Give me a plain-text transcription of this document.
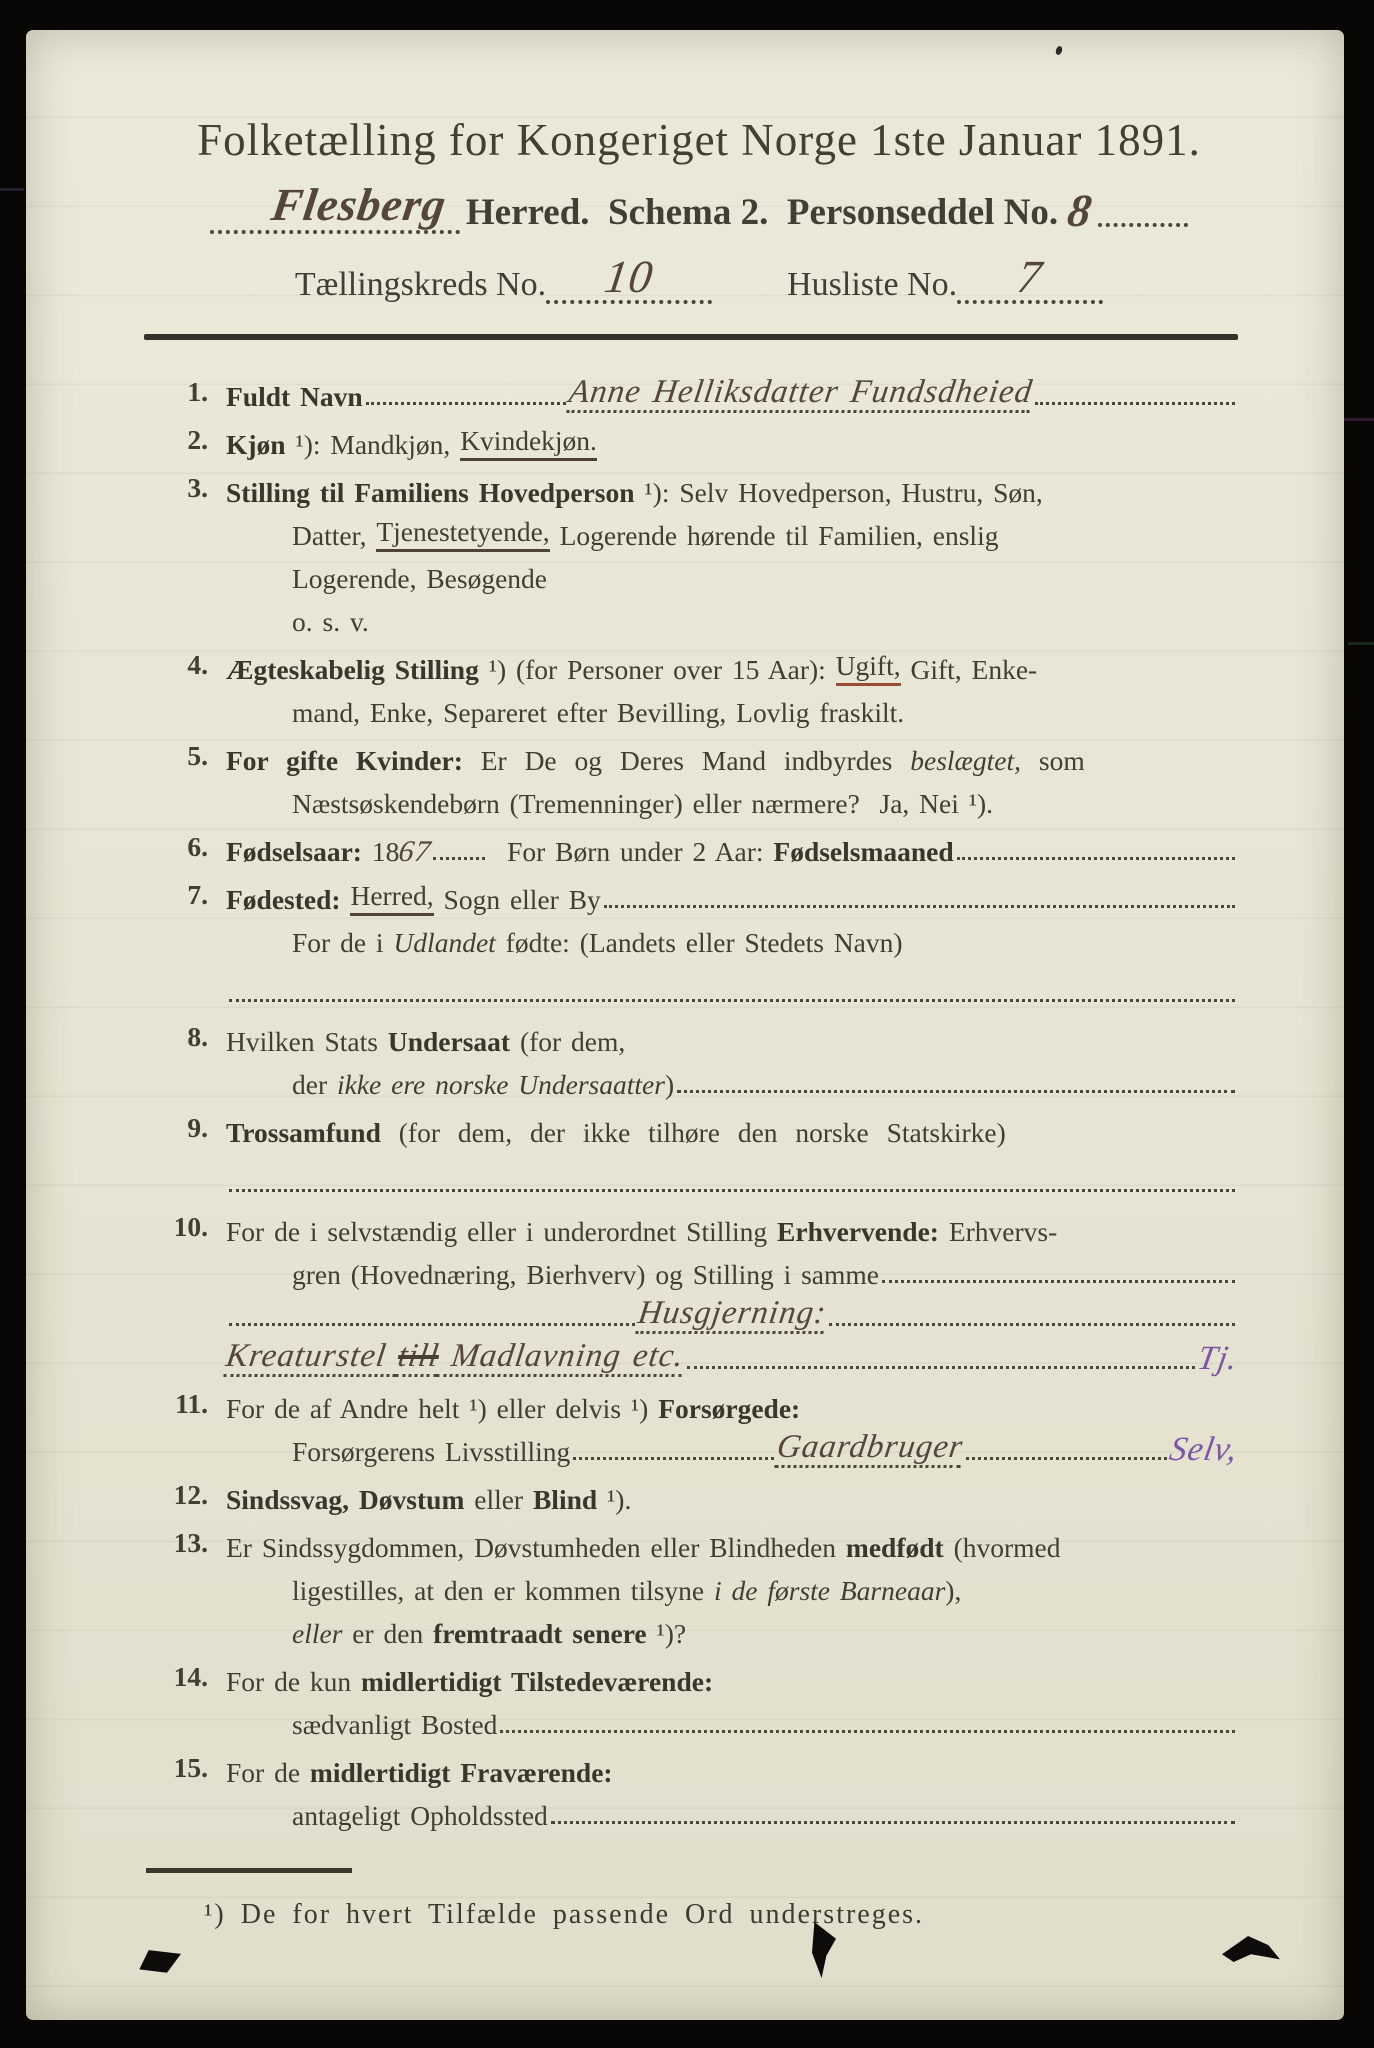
Folketælling for Kongeriget Norge 1ste Januar 1891.
Flesberg Herred.  Schema 2.  Personseddel No. 8
Tællingskreds No. 10	Husliste No. 7
1. Fuldt Navn	Anne Helliksdatter Fundsdheied
2. Kjøn ¹): Mandkjøn, Kvindekjøn.
3. Stilling til Familiens Hovedperson ¹): Selv Hovedperson, Hustru, Søn,
Datter, Tjenestetyende, Logerende hørende til Familien, enslig
Logerende, Besøgende
o. s. v.
4. Ægteskabelig Stilling ¹) (for Personer over 15 Aar): Ugift, Gift, Enke-
mand, Enke, Separeret efter Bevilling, Lovlig fraskilt.
5. For gifte Kvinder: Er De og Deres Mand indbyrdes beslægtet, som
Næstsøskendebørn (Tremenninger) eller nærmere?  Ja, Nei ¹).
6. Fødselsaar: 18
67 For Børn under 2 Aar: Fødselsmaaned
7. Fødested:
Herred, Sogn eller By
For de i Udlandet fødte: (Landets eller Stedets Navn)
8. Hvilken Stats Undersaat (for dem,
der ikke ere norske Undersaatter )
9. Trossamfund (for dem, der ikke tilhøre den norske Statskirke)
10. For de i selvstændig eller i underordnet Stilling Erhvervende: Erhvervs-
gren (Hovednæring, Bierhverv) og Stilling i samme
Husgjerning:
Kreaturstel
till
Madlavning etc.	Tj.
11. For de af Andre helt ¹) eller delvis ¹) Forsørgede:
Forsørgerens Livsstilling	Gaardbruger	Selv,
12. Sindssvag, Døvstum eller Blind ¹).
13. Er Sindssygdommen, Døvstumheden eller Blindheden medfødt (hvormed
ligestilles, at den er kommen tilsyne i de første Barneaar ),
eller er den fremtraadt senere ¹)?
14. For de kun midlertidigt Tilstedeværende:
sædvanligt Bosted
15. For de midlertidigt Fraværende:
antageligt Opholdssted
¹) De for hvert Tilfælde passende Ord understreges.
